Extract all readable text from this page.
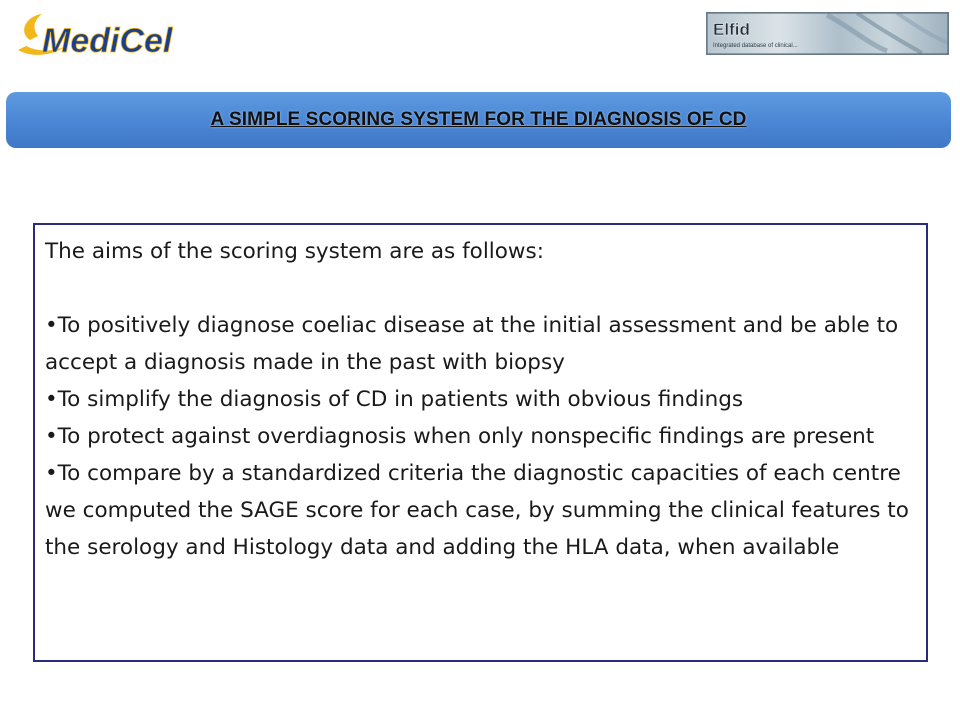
MediCel	Elfid
Integrated database of clinical...
A SIMPLE SCORING SYSTEM FOR THE DIAGNOSIS OF CD

The aims of the scoring system are as follows:

•To positively diagnose coeliac disease at the initial assessment and be able to accept a diagnosis made in the past with biopsy

•To simplify the diagnosis of CD in patients with obvious findings

•To protect against overdiagnosis when only nonspecific findings are present

•To compare by a standardized criteria the diagnostic capacities of each centre we computed the SAGE score for each case, by summing the clinical features to the serology and Histology data and adding the HLA data, when available
